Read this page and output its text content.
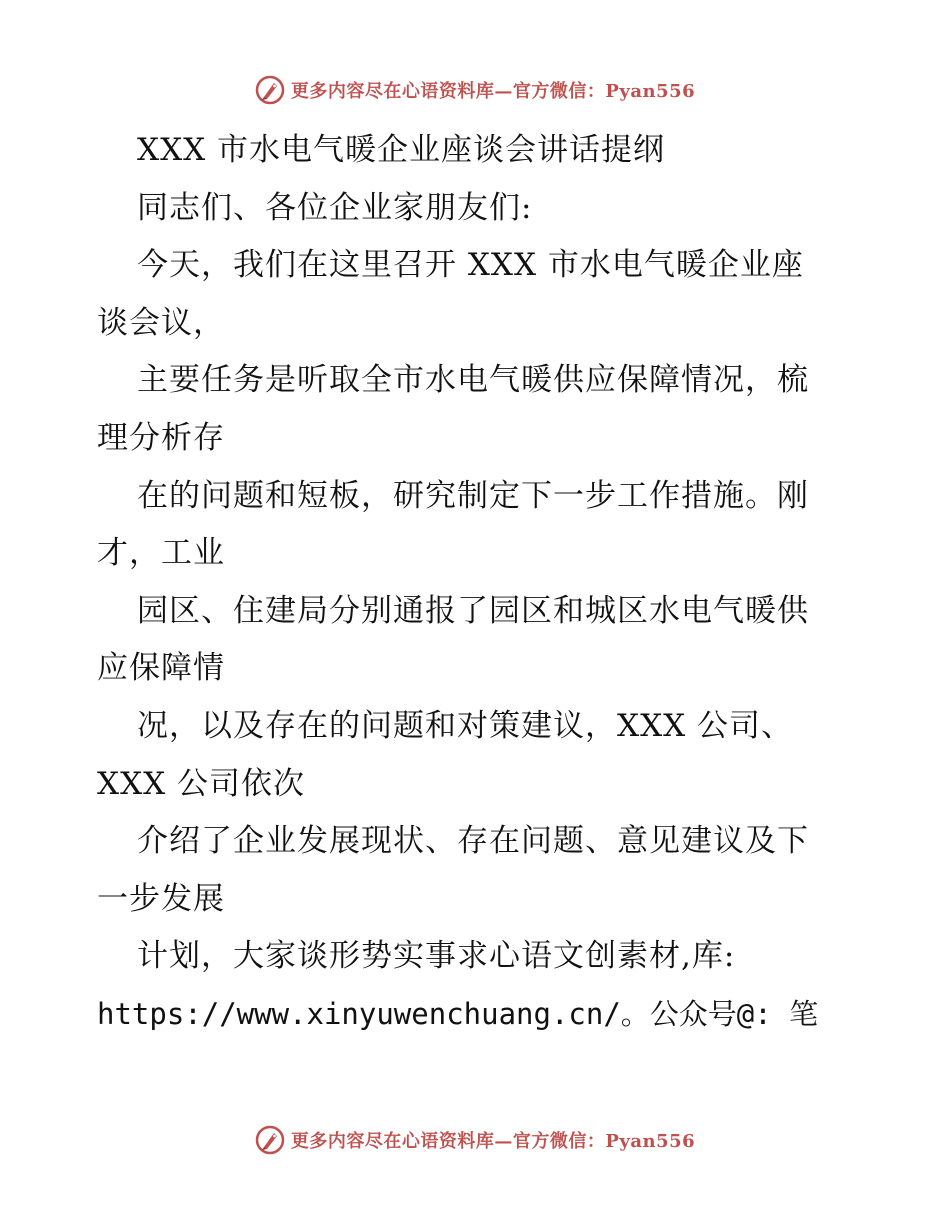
更多内容尽在心语资料库—官方微信：Pyan556
XXX 市水电气暖企业座谈会讲话提纲
同志们、各位企业家朋友们:
今天，我们在这里召开 XXX 市水电气暖企业座
谈会议，
主要任务是听取全市水电气暖供应保障情况，梳
理分析存
在的问题和短板，研究制定下一步工作措施。刚
才，工业
园区、住建局分别通报了园区和城区水电气暖供
应保障情
况，以及存在的问题和对策建议，XXX 公司、
XXX 公司依次
介绍了企业发展现状、存在问题、意见建议及下
一步发展
计划，大家谈形势实事求心语文创素材,库:
https://www.xinyuwenchuang.cn/。公众号@: 笔
更多内容尽在心语资料库—官方微信：Pyan556
